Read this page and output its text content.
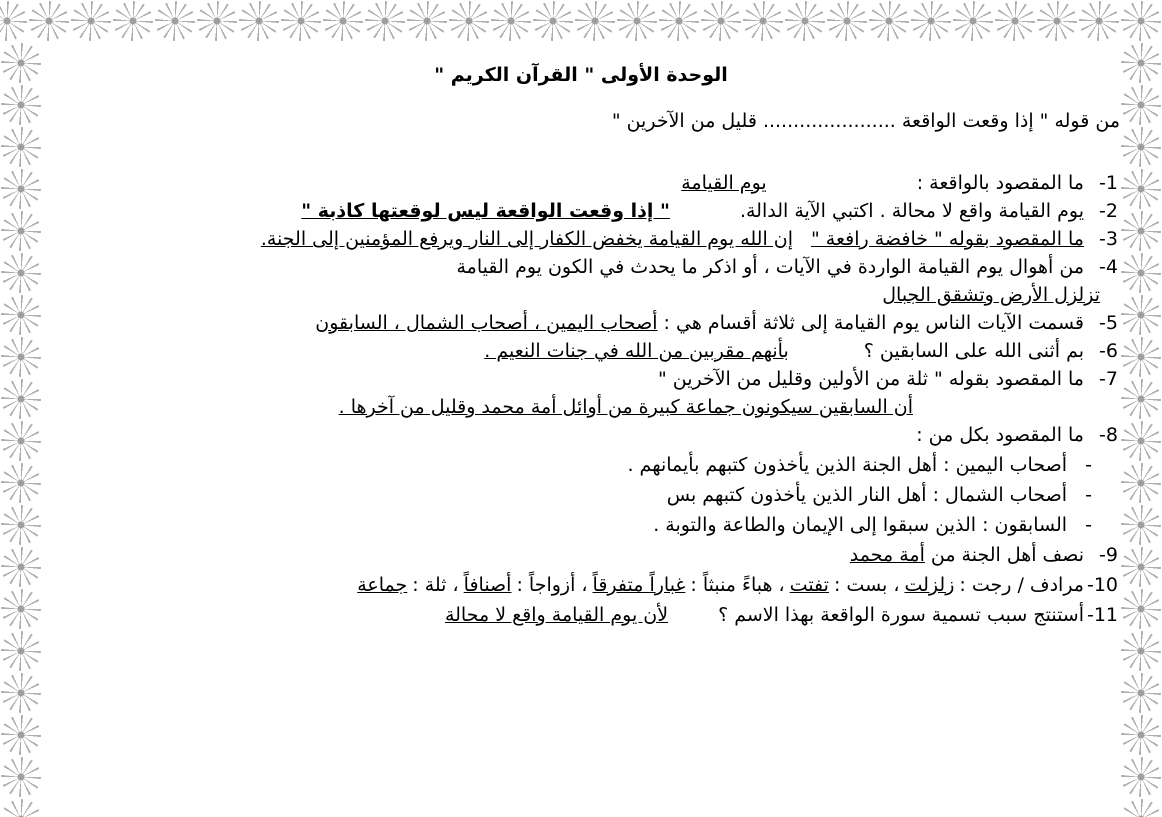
الوحدة الأولى " القرآن الكريم "
من قوله " إذا وقعت الواقعة ...................... قليل من الآخرين "
1-
ما المقصود بالواقعة :
يوم القيامة
2-
يوم القيامة واقع لا محالة . اكتبي الآية الدالة.
" إذا وقعت الواقعة ليس لوقعتها كاذبة "
3-
ما المقصود بقوله " خافضة رافعة "
إن الله يوم القيامة يخفض الكفار إلى النار ويرفع المؤمنين إلى الجنة.
4-
من أهوال يوم القيامة الواردة في الآيات ، أو اذكر ما يحدث في الكون يوم القيامة
تزلزل الأرض وتشقق الجبال
5-
قسمت الآيات الناس يوم القيامة إلى ثلاثة أقسام هي :
أصحاب اليمين ، أصحاب الشمال ، السابقون
6-
بم أثنى الله على السابقين ؟
بأنهم مقربين من الله في جنات النعيم .
7-
ما المقصود بقوله " ثلة من الأولين وقليل من الآخرين "
أن السابقين سيكونون جماعة كبيرة من أوائل أمة محمد وقليل من آخرها .
8-
ما المقصود بكل من :
-   أصحاب اليمين : أهل الجنة الذين يأخذون كتبهم بأيمانهم .
-   أصحاب الشمال : أهل النار الذين يأخذون كتبهم بس
-   السابقون : الذين سبقوا إلى الإيمان والطاعة والتوبة .
9-
نصف أهل الجنة من
أمة محمد
10-
مرادف / رجت :
زلزلت
، بست :
تفتت
، هباءً منبثاً :
غباراً متفرقاً
، أزواجاً :
أصنافاً
، ثلة :
جماعة
11-
أستنتج سبب تسمية سورة الواقعة بهذا الاسم ؟
لأن يوم القيامة واقع لا محالة
